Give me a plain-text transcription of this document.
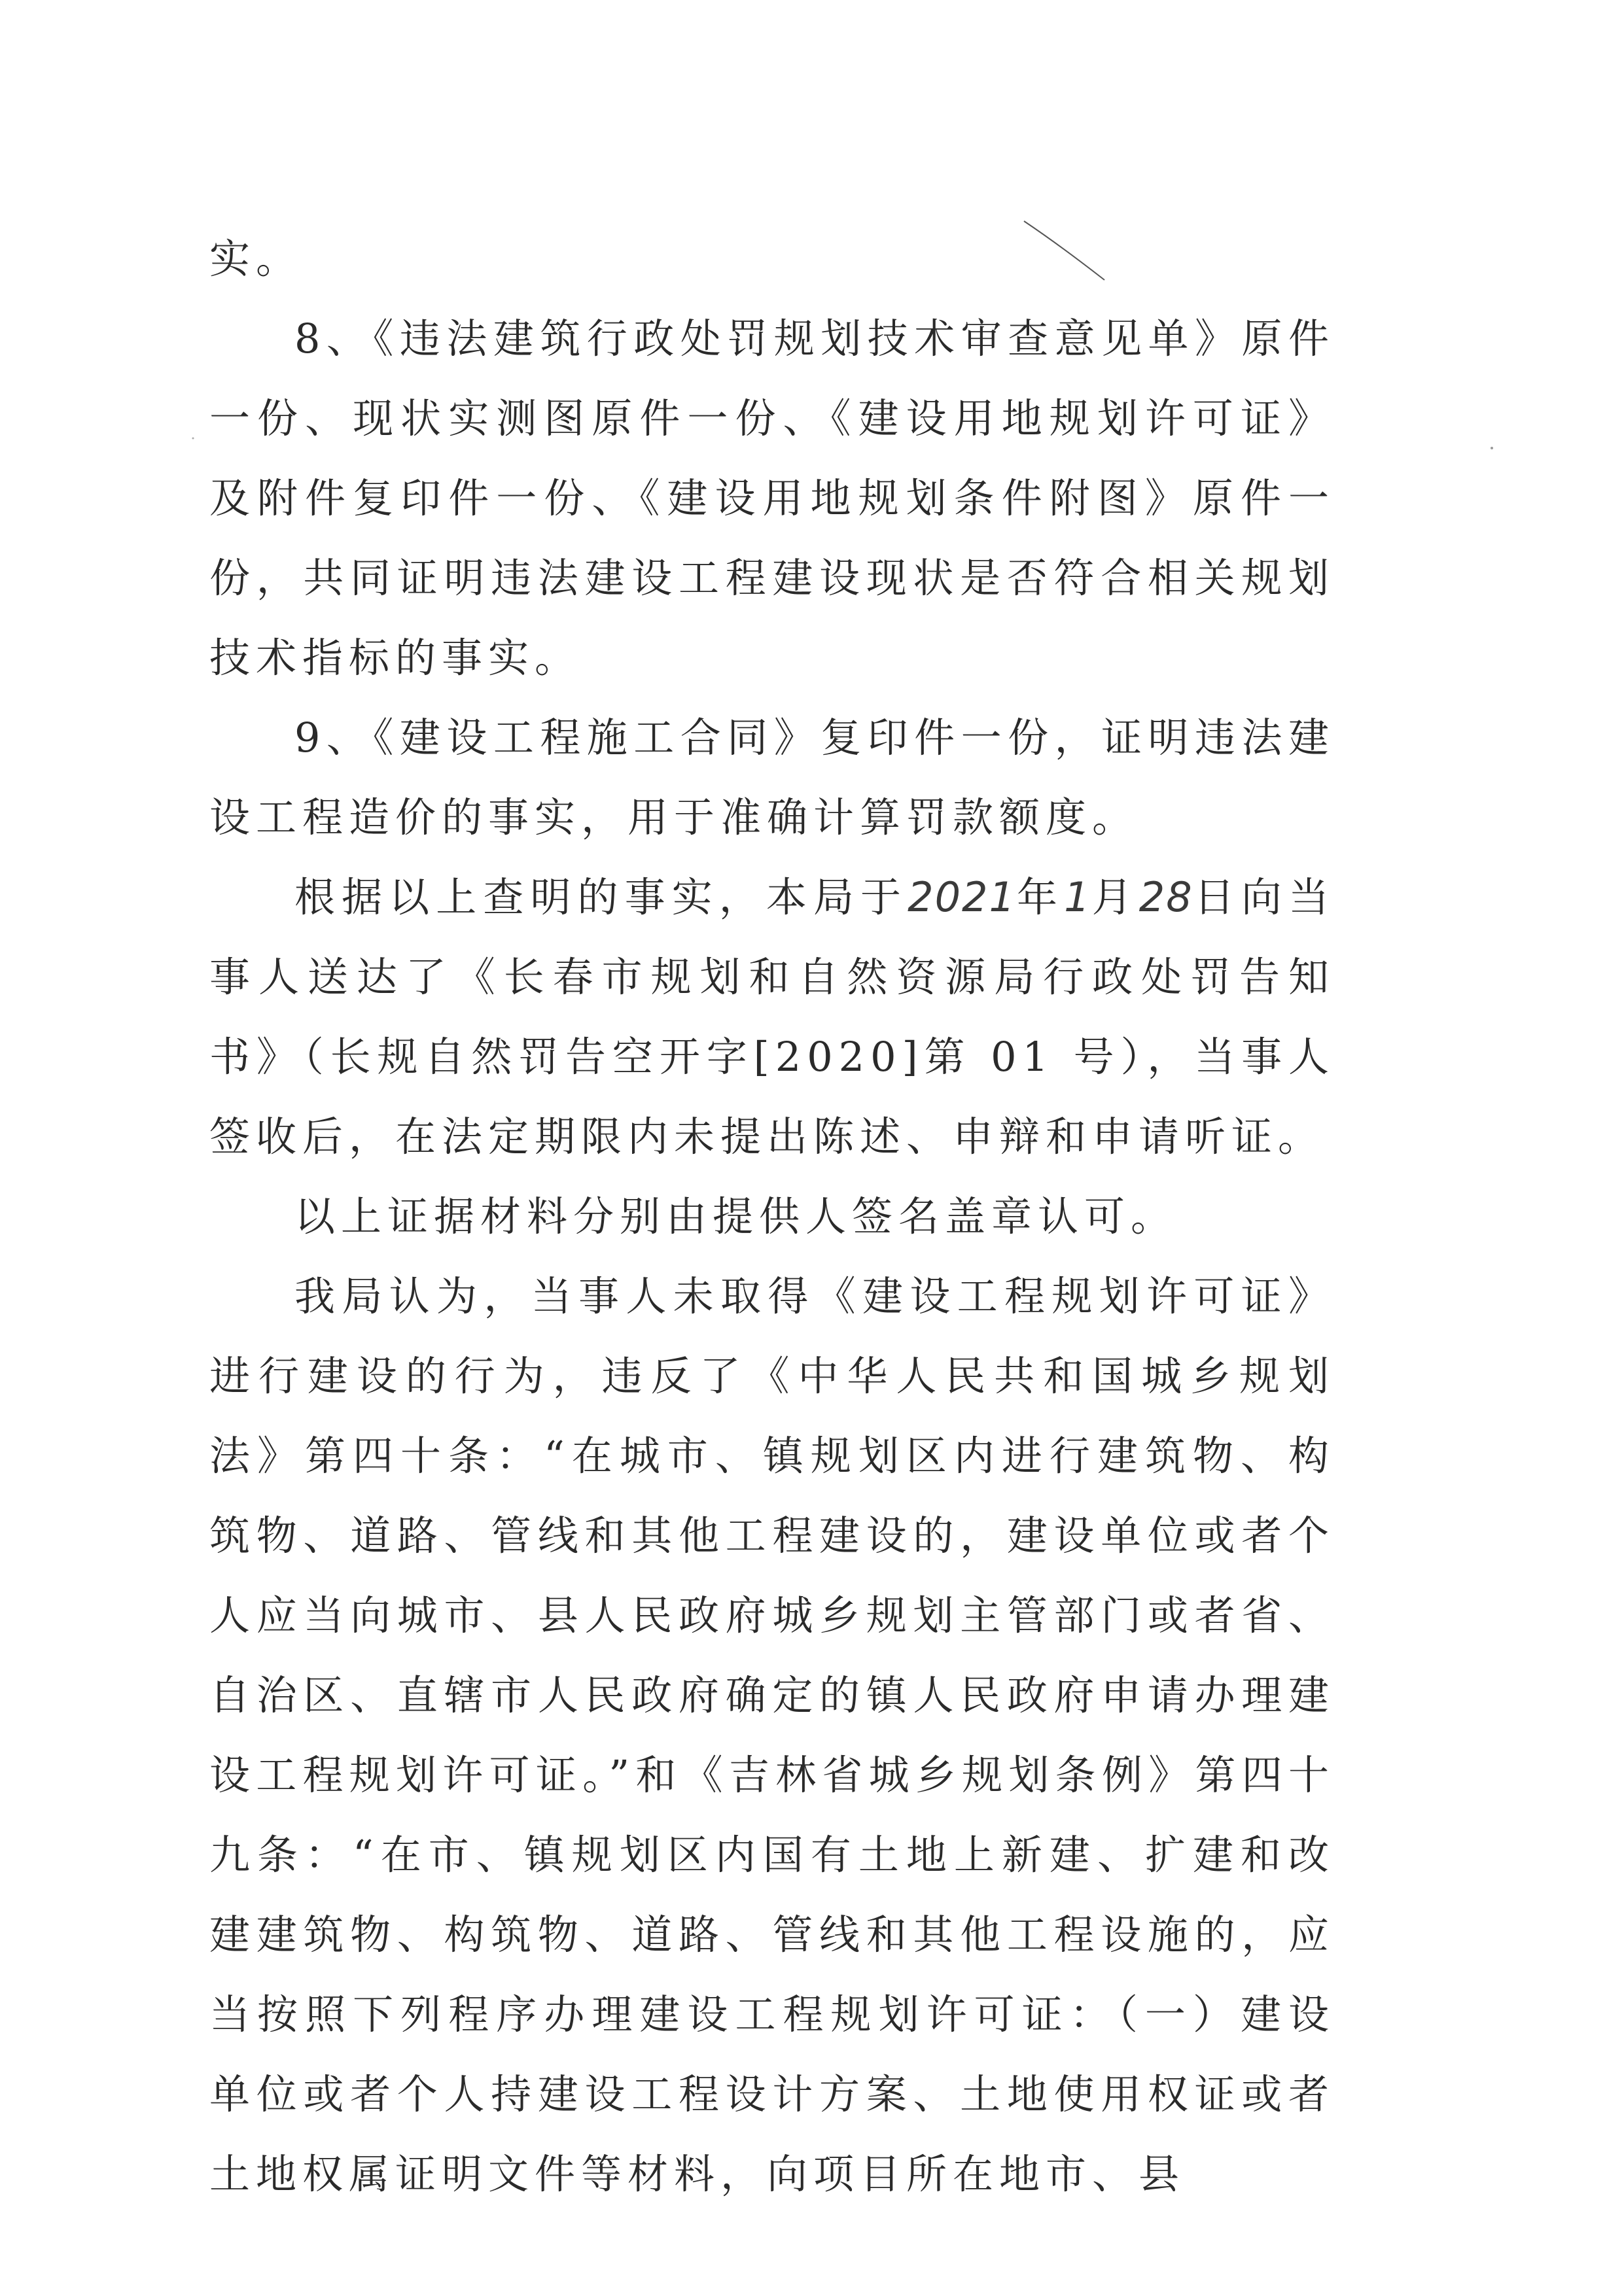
实。

8、《违法建筑行政处罚规划技术审查意见单》原件一份、现状实测图原件一份、《建设用地规划许可证》及附件复印件一份、《建设用地规划条件附图》原件一份，共同证明违法建设工程建设现状是否符合相关规划技术指标的事实。

9、《建设工程施工合同》复印件一份，证明违法建设工程造价的事实，用于准确计算罚款额度。

根据以上查明的事实，本局于2021年1月28日向当事人送达了《长春市规划和自然资源局行政处罚告知书》（长规自然罚告空开字[2020]第 01 号），当事人签收后，在法定期限内未提出陈述、申辩和申请听证。

以上证据材料分别由提供人签名盖章认可。

我局认为，当事人未取得《建设工程规划许可证》进行建设的行为，违反了《中华人民共和国城乡规划法》第四十条：“在城市、镇规划区内进行建筑物、构筑物、道路、管线和其他工程建设的，建设单位或者个人应当向城市、县人民政府城乡规划主管部门或者省、自治区、直辖市人民政府确定的镇人民政府申请办理建设工程规划许可证。”和《吉林省城乡规划条例》第四十九条：“在市、镇规划区内国有土地上新建、扩建和改建建筑物、构筑物、道路、管线和其他工程设施的，应当按照下列程序办理建设工程规划许可证：（一）建设单位或者个人持建设工程设计方案、土地使用权证或者土地权属证明文件等材料，向项目所在地市、县
